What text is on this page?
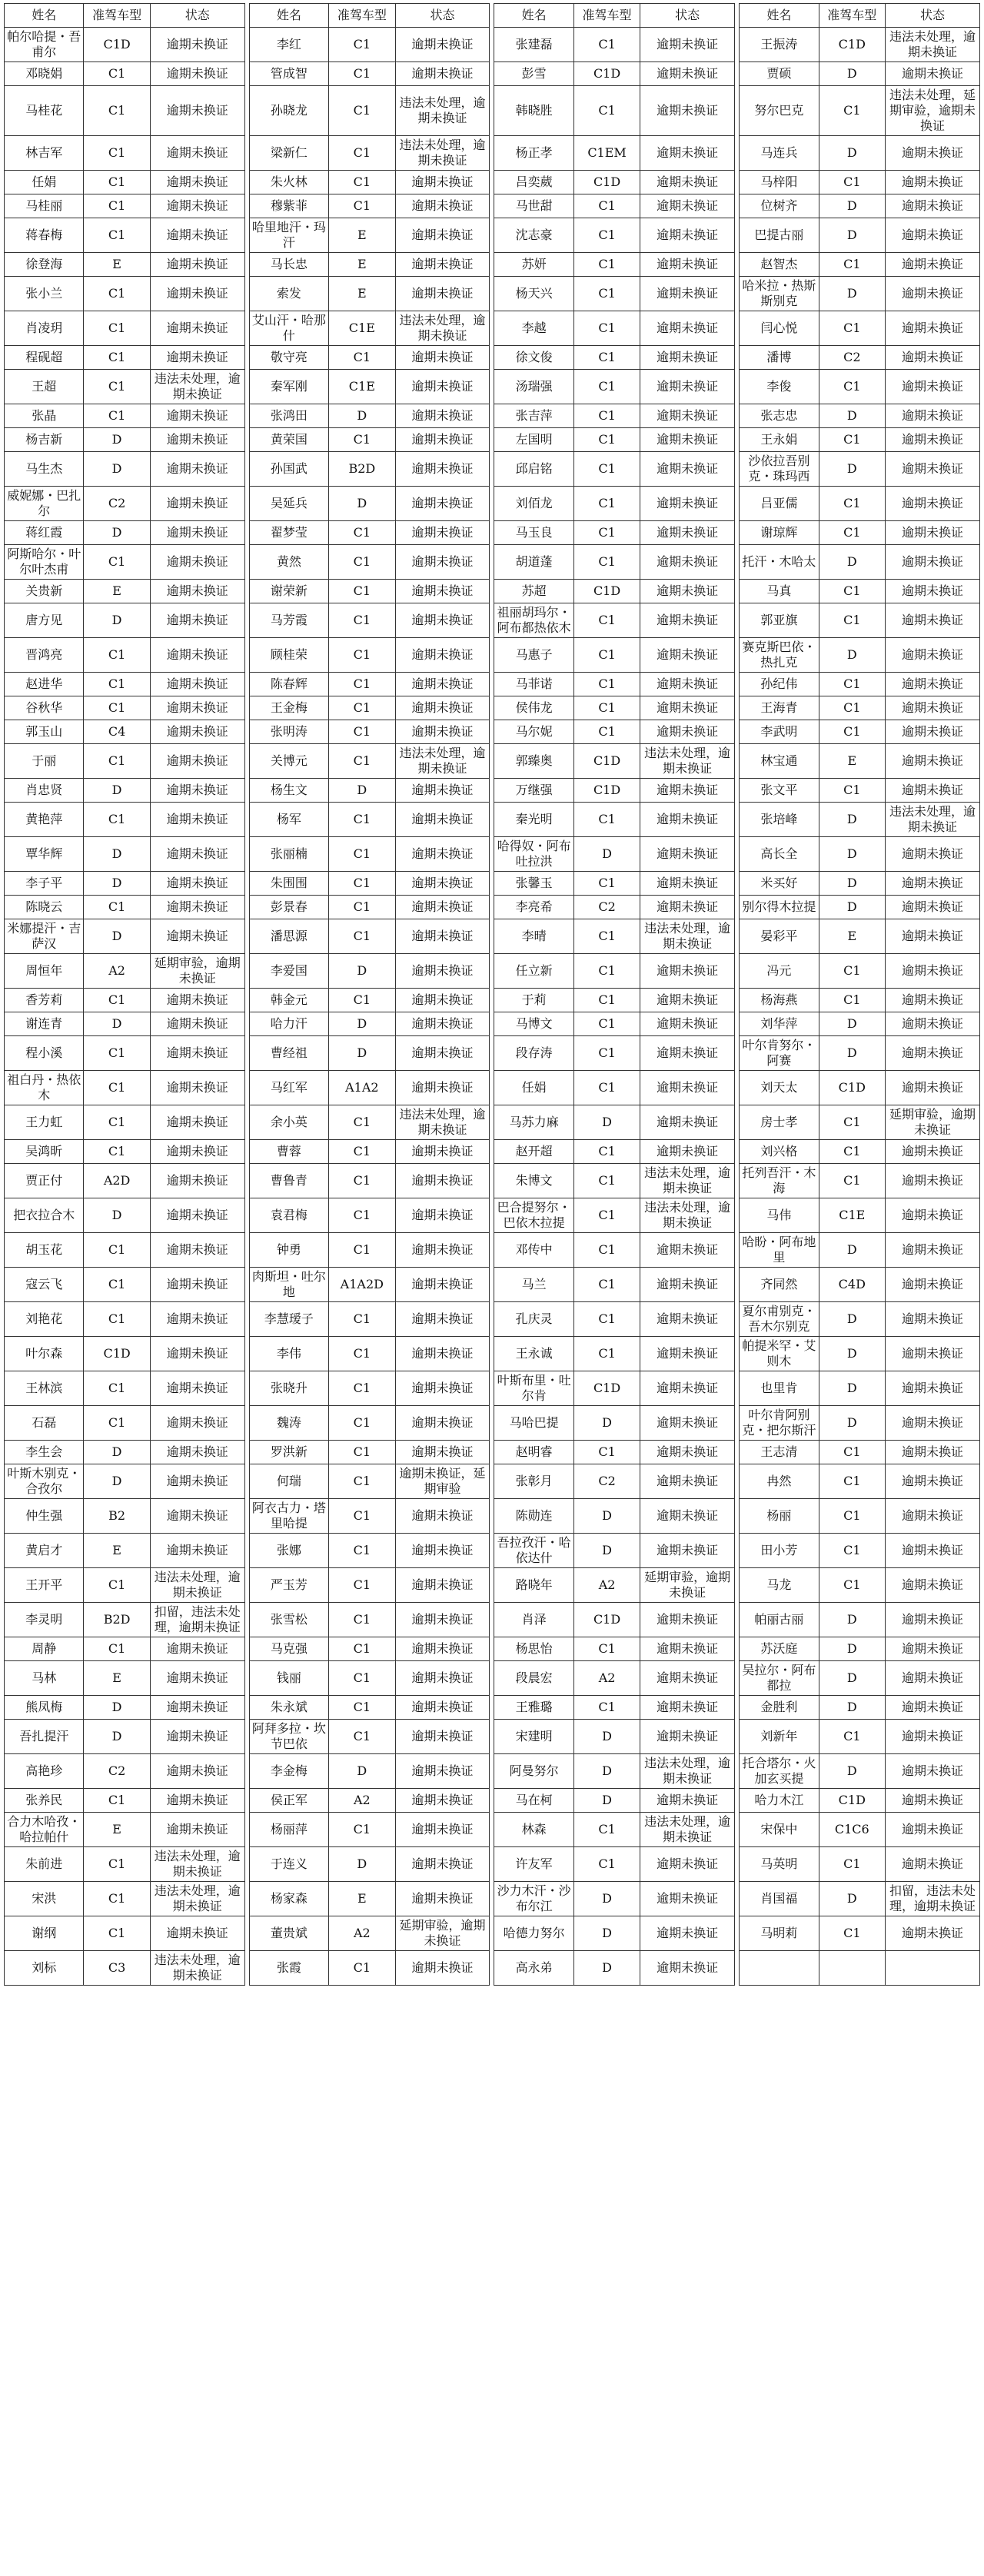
姓名	准驾车型	状态		姓名	准驾车型	状态		姓名	准驾车型	状态		姓名	准驾车型	状态
帕尔哈提・吾甫尔	C1D	逾期未换证		李红	C1	逾期未换证		张建磊	C1	逾期未换证		王振涛	C1D	违法未处理，逾期未换证
邓晓娟	C1	逾期未换证		管成智	C1	逾期未换证		彭雪	C1D	逾期未换证		贾硕	D	逾期未换证
马桂花	C1	逾期未换证		孙晓龙	C1	违法未处理，逾期未换证		韩晓胜	C1	逾期未换证		努尔巴克	C1	违法未处理，延期审验，逾期未换证
林吉军	C1	逾期未换证		梁新仁	C1	违法未处理，逾期未换证		杨正孝	C1EM	逾期未换证		马连兵	D	逾期未换证
任娟	C1	逾期未换证		朱火林	C1	逾期未换证		吕奕葳	C1D	逾期未换证		马梓阳	C1	逾期未换证
马桂丽	C1	逾期未换证		穆紫菲	C1	逾期未换证		马世甜	C1	逾期未换证		位树齐	D	逾期未换证
蒋春梅	C1	逾期未换证		哈里地汗・玛汗	E	逾期未换证		沈志豪	C1	逾期未换证		巴提古丽	D	逾期未换证
徐登海	E	逾期未换证		马长忠	E	逾期未换证		苏妍	C1	逾期未换证		赵智杰	C1	逾期未换证
张小兰	C1	逾期未换证		索发	E	逾期未换证		杨天兴	C1	逾期未换证		哈米拉・热斯斯别克	D	逾期未换证
肖凌玥	C1	逾期未换证		艾山汗・哈那什	C1E	违法未处理，逾期未换证		李越	C1	逾期未换证		闫心悦	C1	逾期未换证
程砚超	C1	逾期未换证		敬守亮	C1	逾期未换证		徐文俊	C1	逾期未换证		潘博	C2	逾期未换证
王超	C1	违法未处理，逾期未换证		秦军刚	C1E	逾期未换证		汤瑞强	C1	逾期未换证		李俊	C1	逾期未换证
张晶	C1	逾期未换证		张鸿田	D	逾期未换证		张吉萍	C1	逾期未换证		张志忠	D	逾期未换证
杨吉新	D	逾期未换证		黄荣国	C1	逾期未换证		左国明	C1	逾期未换证		王永娟	C1	逾期未换证
马生杰	D	逾期未换证		孙国武	B2D	逾期未换证		邱启铭	C1	逾期未换证		沙依拉吾别克・珠玛西	D	逾期未换证
威妮娜・巴扎尔	C2	逾期未换证		吴延兵	D	逾期未换证		刘佰龙	C1	逾期未换证		吕亚儒	C1	逾期未换证
蒋红霞	D	逾期未换证		翟梦莹	C1	逾期未换证		马玉良	C1	逾期未换证		谢琼辉	C1	逾期未换证
阿斯哈尔・叶尔叶杰甫	C1	逾期未换证		黄然	C1	逾期未换证		胡道蓬	C1	逾期未换证		托汗・木哈太	D	逾期未换证
关贵新	E	逾期未换证		谢荣新	C1	逾期未换证		苏超	C1D	逾期未换证		马真	C1	逾期未换证
唐方见	D	逾期未换证		马芳霞	C1	逾期未换证		祖丽胡玛尔・阿布都热依木	C1	逾期未换证		郭亚旗	C1	逾期未换证
晋鸿亮	C1	逾期未换证		顾桂荣	C1	逾期未换证		马惠子	C1	逾期未换证		赛克斯巴依・热扎克	D	逾期未换证
赵进华	C1	逾期未换证		陈春辉	C1	逾期未换证		马菲诺	C1	逾期未换证		孙纪伟	C1	逾期未换证
谷秋华	C1	逾期未换证		王金梅	C1	逾期未换证		侯伟龙	C1	逾期未换证		王海青	C1	逾期未换证
郭玉山	C4	逾期未换证		张明涛	C1	逾期未换证		马尔妮	C1	逾期未换证		李武明	C1	逾期未换证
于丽	C1	逾期未换证		关博元	C1	违法未处理，逾期未换证		郭臻奥	C1D	违法未处理，逾期未换证		林宝通	E	逾期未换证
肖忠贤	D	逾期未换证		杨生文	D	逾期未换证		万继强	C1D	逾期未换证		张文平	C1	逾期未换证
黄艳萍	C1	逾期未换证		杨军	C1	逾期未换证		秦光明	C1	逾期未换证		张培峰	D	违法未处理，逾期未换证
覃华辉	D	逾期未换证		张丽楠	C1	逾期未换证		哈得奴・阿布吐拉洪	D	逾期未换证		高长全	D	逾期未换证
李子平	D	逾期未换证		朱围围	C1	逾期未换证		张馨玉	C1	逾期未换证		米买好	D	逾期未换证
陈晓云	C1	逾期未换证		彭景春	C1	逾期未换证		李亮希	C2	逾期未换证		别尔得木拉提	D	逾期未换证
米娜提汗・吉萨汉	D	逾期未换证		潘思源	C1	逾期未换证		李晴	C1	违法未处理，逾期未换证		晏彩平	E	逾期未换证
周恒年	A2	延期审验，逾期未换证		李爱国	D	逾期未换证		任立新	C1	逾期未换证		冯元	C1	逾期未换证
香芳莉	C1	逾期未换证		韩金元	C1	逾期未换证		于莉	C1	逾期未换证		杨海燕	C1	逾期未换证
谢连青	D	逾期未换证		哈力汗	D	逾期未换证		马博文	C1	逾期未换证		刘华萍	D	逾期未换证
程小溪	C1	逾期未换证		曹经祖	D	逾期未换证		段存涛	C1	逾期未换证		叶尔肯努尔・阿赛	D	逾期未换证
祖白丹・热依木	C1	逾期未换证		马红军	A1A2	逾期未换证		任娟	C1	逾期未换证		刘天太	C1D	逾期未换证
王力虹	C1	逾期未换证		余小英	C1	违法未处理，逾期未换证		马苏力麻	D	逾期未换证		房士孝	C1	延期审验，逾期未换证
吴鸿昕	C1	逾期未换证		曹蓉	C1	逾期未换证		赵开超	C1	逾期未换证		刘兴格	C1	逾期未换证
贾正付	A2D	逾期未换证		曹鲁青	C1	逾期未换证		朱博文	C1	违法未处理，逾期未换证		托列吾汗・木海	C1	逾期未换证
把衣拉合木	D	逾期未换证		袁君梅	C1	逾期未换证		巴合提努尔・巴依木拉提	C1	违法未处理，逾期未换证		马伟	C1E	逾期未换证
胡玉花	C1	逾期未换证		钟勇	C1	逾期未换证		邓传中	C1	逾期未换证		哈盼・阿布地里	D	逾期未换证
寇云飞	C1	逾期未换证		肉斯坦・吐尔地	A1A2D	逾期未换证		马兰	C1	逾期未换证		齐同然	C4D	逾期未换证
刘艳花	C1	逾期未换证		李慧瑷子	C1	逾期未换证		孔庆灵	C1	逾期未换证		夏尔甫别克・吾木尔别克	D	逾期未换证
叶尔森	C1D	逾期未换证		李伟	C1	逾期未换证		王永诚	C1	逾期未换证		帕提米罕・艾则木	D	逾期未换证
王林滨	C1	逾期未换证		张晓升	C1	逾期未换证		叶斯布里・吐尔肯	C1D	逾期未换证		也里肯	D	逾期未换证
石磊	C1	逾期未换证		魏涛	C1	逾期未换证		马哈巴提	D	逾期未换证		叶尔肯阿别克・把尔斯汗	D	逾期未换证
李生会	D	逾期未换证		罗洪新	C1	逾期未换证		赵明睿	C1	逾期未换证		王志清	C1	逾期未换证
叶斯木别克・合孜尔	D	逾期未换证		何瑞	C1	逾期未换证，延期审验		张彰月	C2	逾期未换证		冉然	C1	逾期未换证
仲生强	B2	逾期未换证		阿衣古力・塔里哈提	C1	逾期未换证		陈勋连	D	逾期未换证		杨丽	C1	逾期未换证
黄启才	E	逾期未换证		张娜	C1	逾期未换证		吾拉孜汗・哈依达什	D	逾期未换证		田小芳	C1	逾期未换证
王开平	C1	违法未处理，逾期未换证		严玉芳	C1	逾期未换证		路晓年	A2	延期审验，逾期未换证		马龙	C1	逾期未换证
李灵明	B2D	扣留，违法未处理，逾期未换证		张雪松	C1	逾期未换证		肖泽	C1D	逾期未换证		帕丽古丽	D	逾期未换证
周静	C1	逾期未换证		马克强	C1	逾期未换证		杨思怡	C1	逾期未换证		苏沃庭	D	逾期未换证
马林	E	逾期未换证		钱丽	C1	逾期未换证		段晨宏	A2	逾期未换证		吴拉尔・阿布都拉	D	逾期未换证
熊凤梅	D	逾期未换证		朱永斌	C1	逾期未换证		王雅璐	C1	逾期未换证		金胜利	D	逾期未换证
吾扎提汗	D	逾期未换证		阿拜多拉・坎节巴依	C1	逾期未换证		宋建明	D	逾期未换证		刘新年	C1	逾期未换证
高艳珍	C2	逾期未换证		李金梅	D	逾期未换证		阿曼努尔	D	违法未处理，逾期未换证		托合塔尔・火加玄买提	D	逾期未换证
张养民	C1	逾期未换证		侯正军	A2	逾期未换证		马在柯	D	逾期未换证		哈力木江	C1D	逾期未换证
合力木哈孜・哈拉帕什	E	逾期未换证		杨丽萍	C1	逾期未换证		林森	C1	违法未处理，逾期未换证		宋保中	C1C6	逾期未换证
朱前进	C1	违法未处理，逾期未换证		于连义	D	逾期未换证		许友军	C1	逾期未换证		马英明	C1	逾期未换证
宋洪	C1	违法未处理，逾期未换证		杨家森	E	逾期未换证		沙力木汗・沙布尔江	D	逾期未换证		肖国福	D	扣留，违法未处理，逾期未换证
谢纲	C1	逾期未换证		董贵斌	A2	延期审验，逾期未换证		哈德力努尔	D	逾期未换证		马明莉	C1	逾期未换证
刘标	C3	违法未处理，逾期未换证		张霞	C1	逾期未换证		高永弟	D	逾期未换证				
